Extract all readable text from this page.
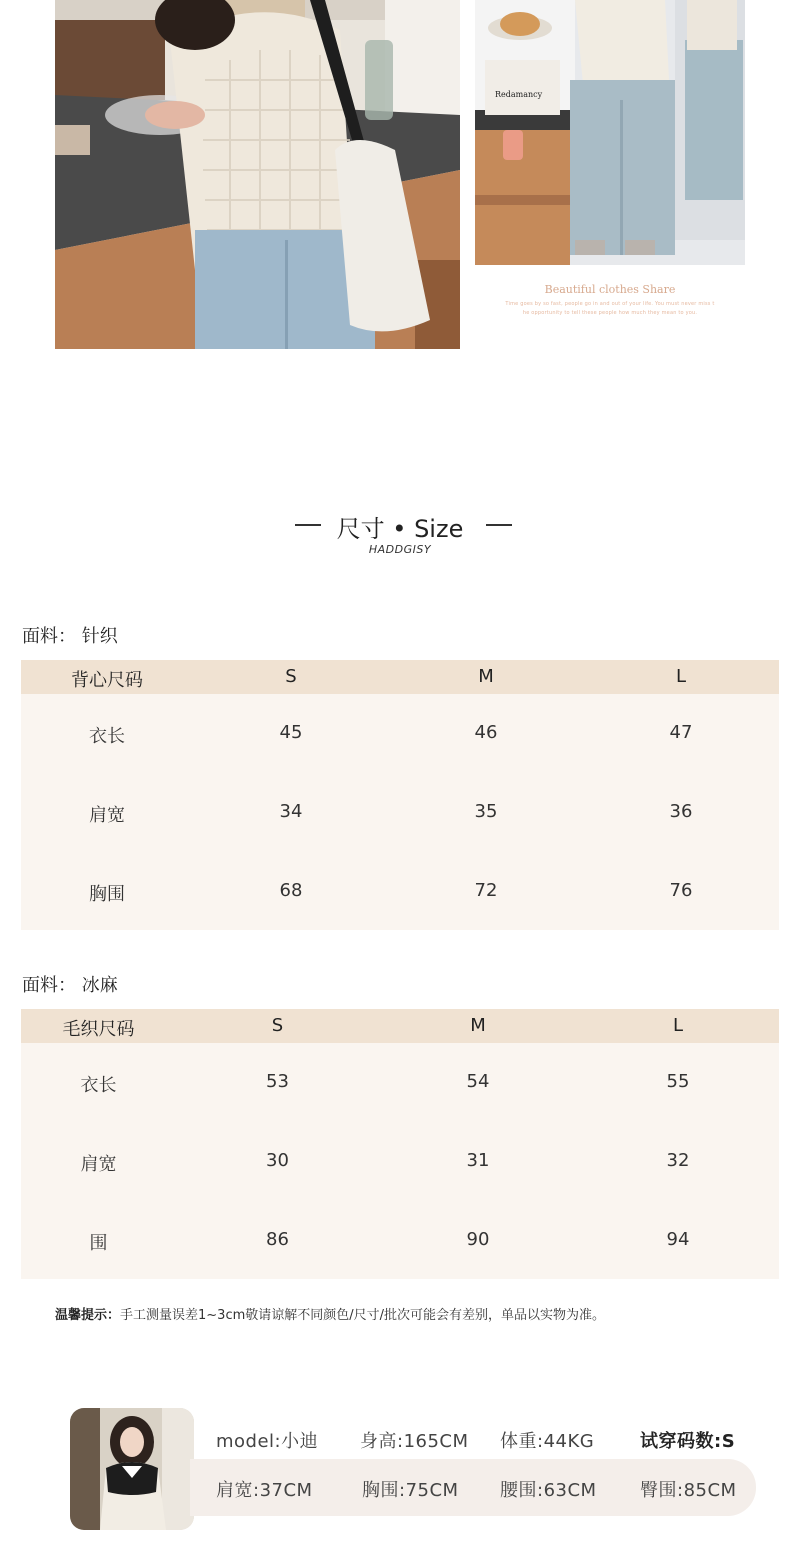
Redamancy
Beautiful clothes Share
Time goes by so fast, people go in and out of your life. You must never miss t
he opportunity to tell these people how much they mean to you.
尺寸 • Size
HADDGISY
面料： 针织
背心尺码	S	M	L
衣长	45	46	47
肩宽	34	35	36
胸围	68	72	76
面料： 冰麻
毛织尺码	S	M	L
衣长	53	54	55
肩宽	30	31	32
围	86	90	94
温馨提示：手工测量误差1~3cm敬请谅解不同颜色/尺寸/批次可能会有差别，单品以实物为准。
model:小迪 身高:165CM 体重:44KG	试穿码数:S
肩宽:37CM	胸围:75CM 腰围:63CM 臀围:85CM
